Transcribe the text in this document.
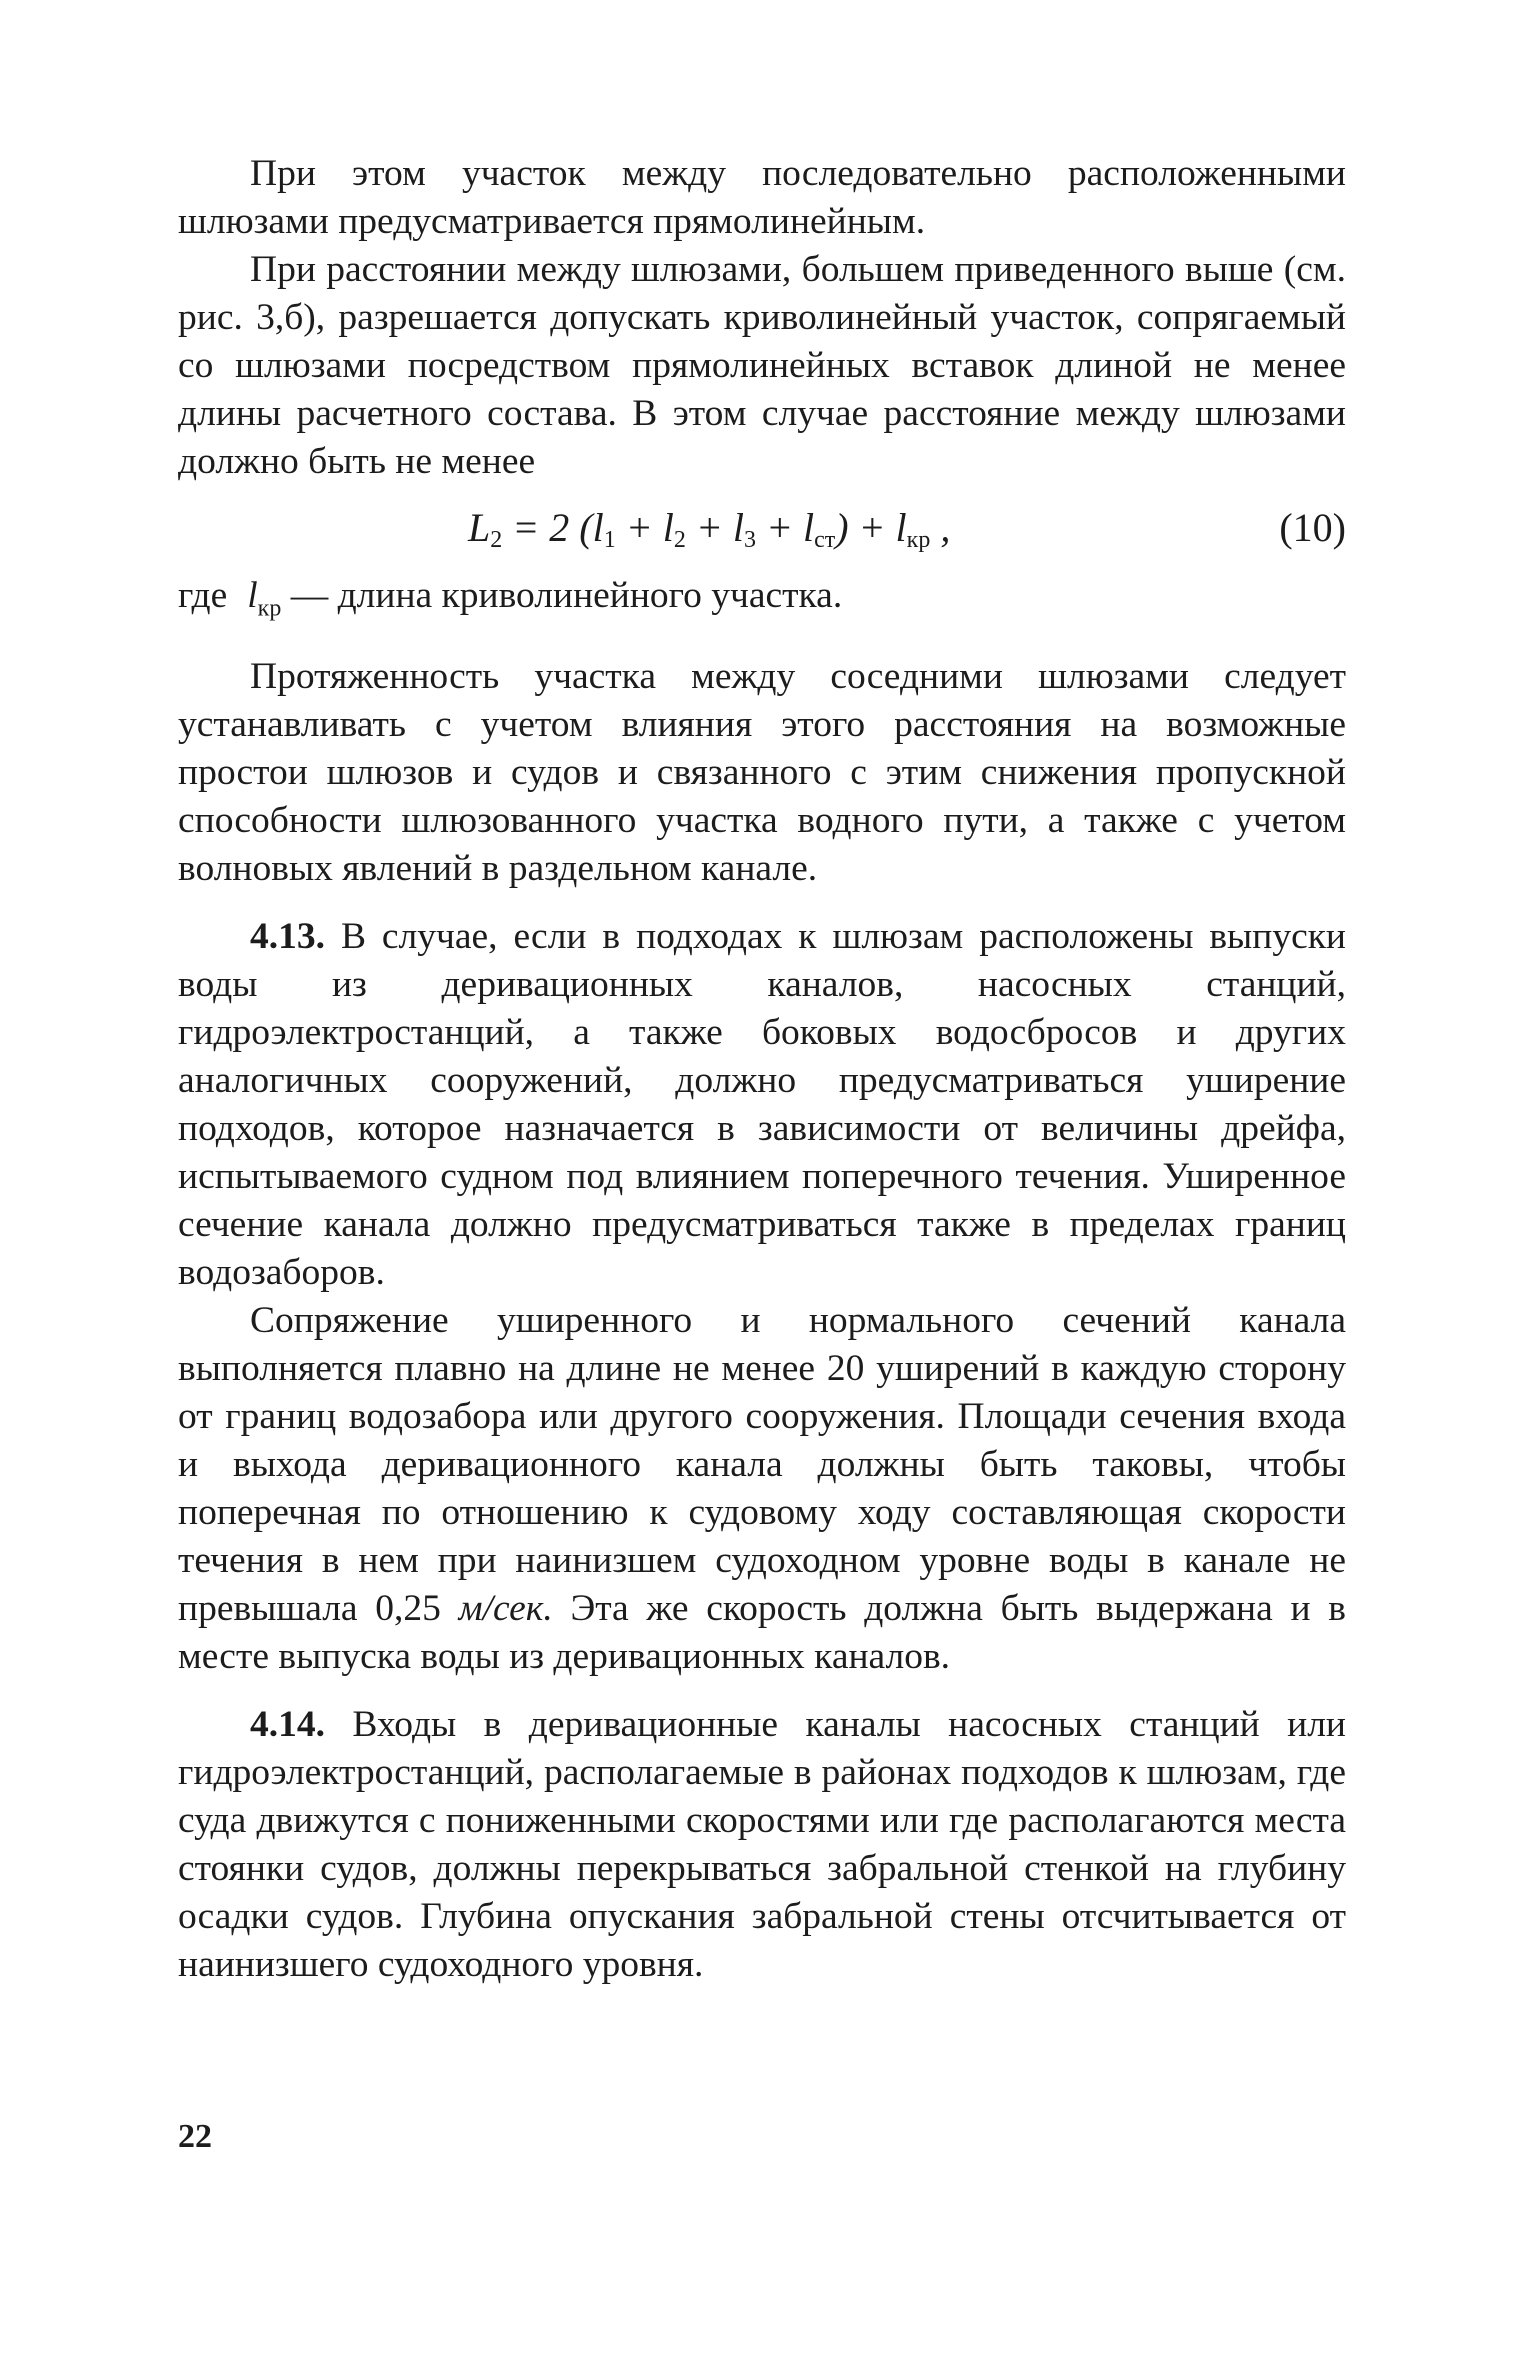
При этом участок между последовательно расположенными шлюзами предусматривается прямолинейным.

При расстоянии между шлюзами, большем приведенного выше (см. рис. 3,б), разрешается допускать криволинейный участок, сопрягаемый со шлюзами посредством прямолинейных вставок длиной не менее длины расчетного состава. В этом случае расстояние между шлюзами должно быть не менее

$L_2 = 2$ $(l_1 + l_2 + l_3 + l_{ст}) + l_{кр}$ ,	(10)

где $l_{кр}$ — длина криволинейного участка.

Протяженность участка между соседними шлюзами следует устанавливать с учетом влияния этого расстояния на возможные простои шлюзов и судов и связанного с этим снижения пропускной способности шлюзованного участка водного пути, а также с учетом волновых явлений в раздельном канале.

4.13. В случае, если в подходах к шлюзам расположены выпуски воды из деривационных каналов, насосных станций, гидроэлектростанций, а также боковых водосбросов и других аналогичных сооружений, должно предусматриваться уширение подходов, которое назначается в зависимости от величины дрейфа, испытываемого судном под влиянием поперечного течения. Уширенное сечение канала должно предусматриваться также в пределах границ водозаборов.

Сопряжение уширенного и нормального сечений канала выполняется плавно на длине не менее 20 уширений в каждую сторону от границ водозабора или другого сооружения. Площади сечения входа и выхода деривационного канала должны быть таковы, чтобы поперечная по отношению к судовому ходу составляющая скорости течения в нем при наинизшем судоходном уровне воды в канале не превышала 0,25 м/сек. Эта же скорость должна быть выдержана и в месте выпуска воды из деривационных каналов.

4.14. Входы в деривационные каналы насосных станций или гидроэлектростанций, располагаемые в районах подходов к шлюзам, где суда движутся с пониженными скоростями или где располагаются места стоянки судов, должны перекрываться забральной стенкой на глубину осадки судов. Глубина опускания забральной стены отсчитывается от наинизшего судоходного уровня.

22
